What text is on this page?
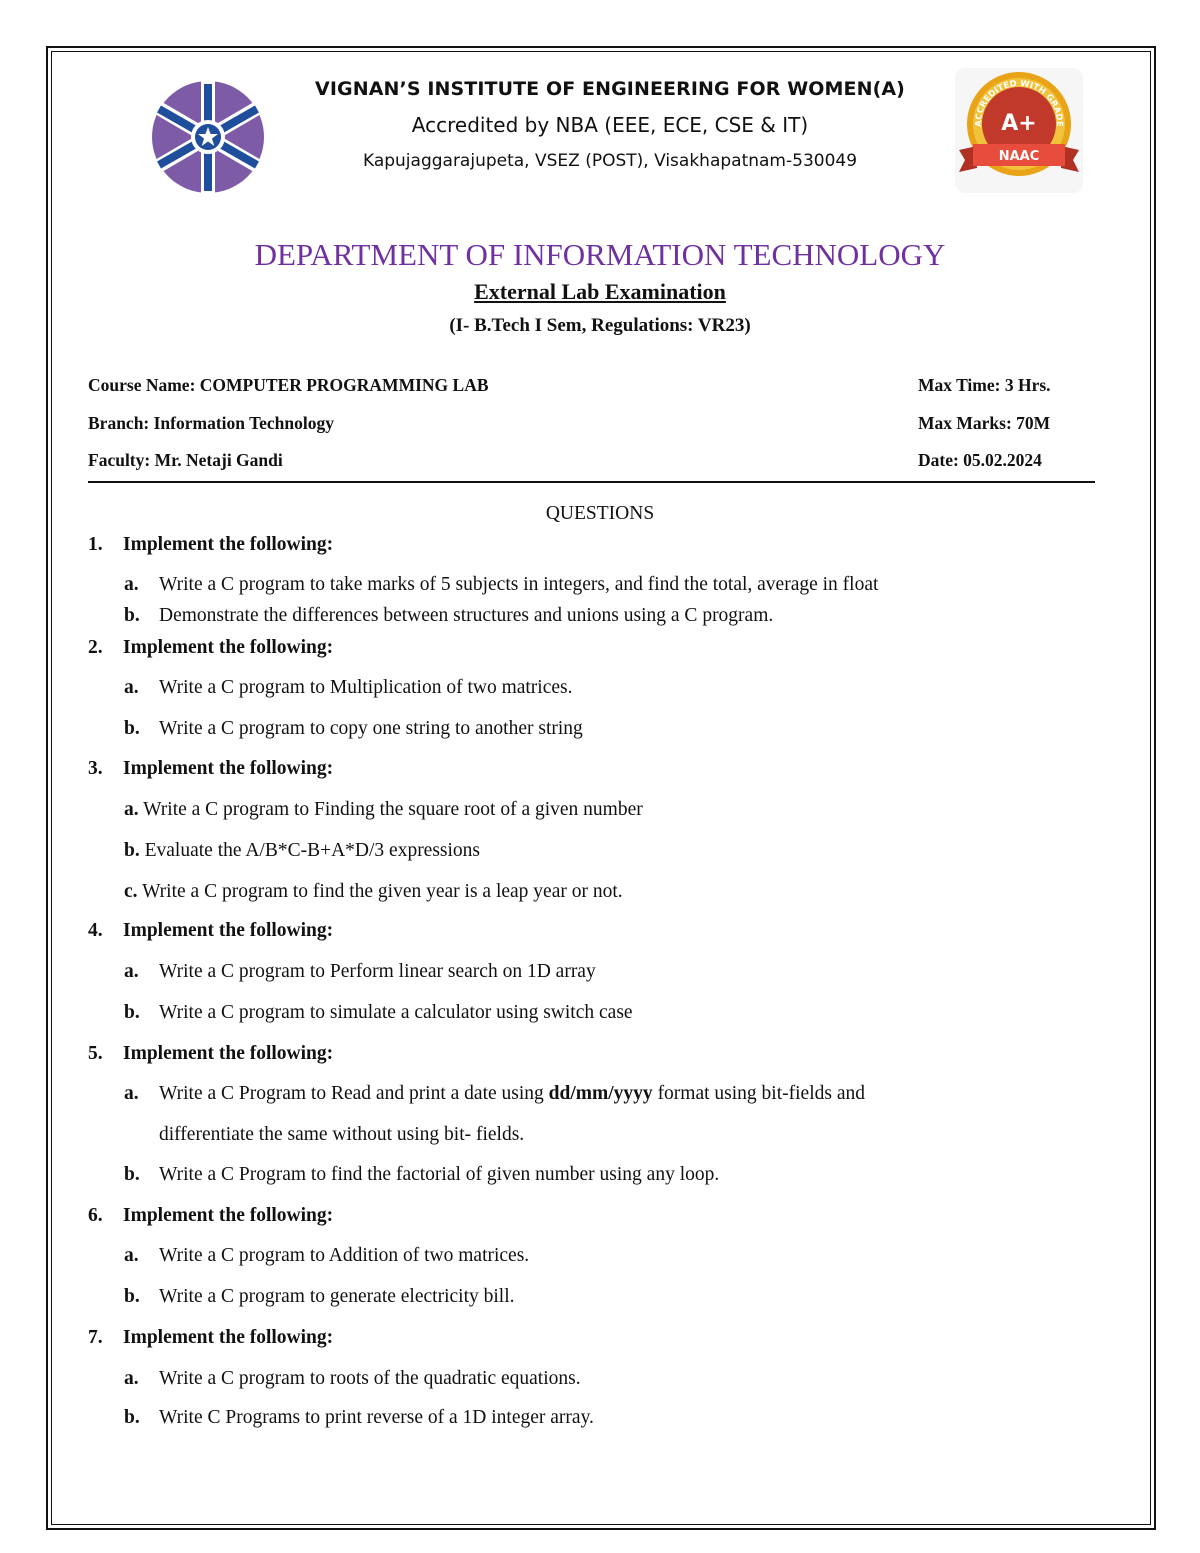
VIGNAN’S INSTITUTE OF ENGINEERING FOR WOMEN(A)
Accredited by NBA (EEE, ECE, CSE & IT)
Kapujaggarajupeta, VSEZ (POST), Visakhapatnam-530049
ACCREDITED WITH GRADE
A+
NAAC
DEPARTMENT OF INFORMATION TECHNOLOGY
External Lab Examination
(I- B.Tech I Sem, Regulations: VR23)
Course Name: COMPUTER PROGRAMMING LAB	Max Time: 3 Hrs.
Branch: Information Technology	Max Marks: 70M
Faculty: Mr. Netaji Gandi	Date: 05.02.2024
QUESTIONS
1. Implement the following:
a. Write a C program to take marks of 5 subjects in integers, and find the total, average in float
b. Demonstrate the differences between structures and unions using a C program.
2. Implement the following:
a. Write a C program to Multiplication of two matrices.
b. Write a C program to copy one string to another string
3. Implement the following:
a. Write a C program to Finding the square root of a given number
b. Evaluate the A/B*C-B+A*D/3 expressions
c. Write a C program to find the given year is a leap year or not.
4. Implement the following:
a. Write a C program to Perform linear search on 1D array
b. Write a C program to simulate a calculator using switch case
5. Implement the following:
a. Write a C Program to Read and print a date using dd/mm/yyyy format using bit-fields and
differentiate the same without using bit- fields.
b. Write a C Program to find the factorial of given number using any loop.
6. Implement the following:
a. Write a C program to Addition of two matrices.
b. Write a C program to generate electricity bill.
7. Implement the following:
a. Write a C program to roots of the quadratic equations.
b. Write C Programs to print reverse of a 1D integer array.
